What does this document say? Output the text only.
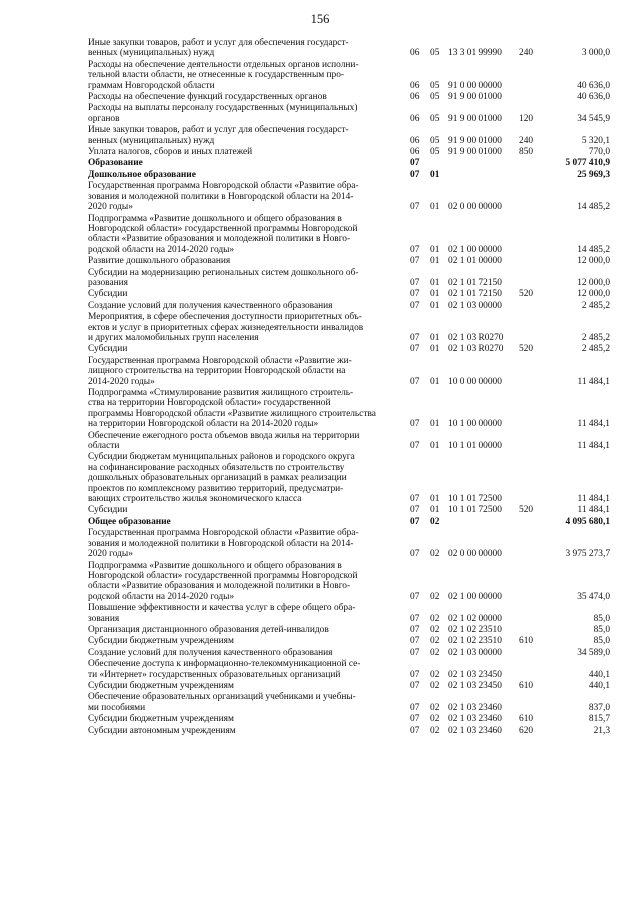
156
Иные закупки товаров, работ и услуг для обеспечения государст-
венных (муниципальных) нужд	06 05 13 3 01 99990 240	3 000,0
Расходы на обеспечение деятельности отдельных органов исполни-
тельной власти области, не отнесенные к государственным про-
граммам Новгородской области	06 05 91 0 00 00000	40 636,0
Расходы на обеспечение функций государственных органов	06 05 91 9 00 01000	40 636,0
Расходы на выплаты персоналу государственных (муниципальных)
органов	06 05 91 9 00 01000 120	34 545,9
Иные закупки товаров, работ и услуг для обеспечения государст-
венных (муниципальных) нужд	06 05 91 9 00 01000 240	5 320,1
Уплата налогов, сборов и иных платежей	06 05 91 9 00 01000 850	770,0
Образование	07	5 077 410,9
Дошкольное образование	07 01	25 969,3
Государственная программа Новгородской области «Развитие обра-
зования и молодежной политики в Новгородской области на 2014-
2020 годы»	07 01 02 0 00 00000	14 485,2
Подпрограмма «Развитие дошкольного и общего образования в
Новгородской области» государственной программы Новгородской
области «Развитие образования и молодежной политики в Новго-
родской области на 2014-2020 годы»	07 01 02 1 00 00000	14 485,2
Развитие дошкольного образования	07 01 02 1 01 00000	12 000,0
Субсидии на модернизацию региональных систем дошкольного об-
разования	07 01 02 1 01 72150	12 000,0
Субсидии	07 01 02 1 01 72150 520	12 000,0
Создание условий для получения качественного образования	07 01 02 1 03 00000	2 485,2
Мероприятия, в сфере обеспечения доступности приоритетных объ-
ектов и услуг в приоритетных сферах жизнедеятельности инвалидов
и других маломобильных групп населения	07 01 02 1 03 R0270	2 485,2
Субсидии	07 01 02 1 03 R0270 520	2 485,2
Государственная программа Новгородской области «Развитие жи-
лищного строительства на территории Новгородской области на
2014-2020 годы»	07 01 10 0 00 00000	11 484,1
Подпрограмма «Стимулирование развития жилищного строитель-
ства на территории Новгородской области» государственной
программы Новгородской области «Развитие жилищного строительства
на территории Новгородской области на 2014-2020 годы»	07 01 10 1 00 00000	11 484,1
Обеспечение ежегодного роста объемов ввода жилья на территории
области	07 01 10 1 01 00000	11 484,1
Субсидии бюджетам муниципальных районов и городского округа
на софинансирование расходных обязательств по строительству
дошкольных образовательных организаций в рамках реализации
проектов по комплексному развитию территорий, предусматри-
вающих строительство жилья экономического класса	07 01 10 1 01 72500	11 484,1
Субсидии	07 01 10 1 01 72500 520	11 484,1
Общее образование	07 02	4 095 680,1
Государственная программа Новгородской области «Развитие обра-
зования и молодежной политики в Новгородской области на 2014-
2020 годы»	07 02 02 0 00 00000	3 975 273,7
Подпрограмма «Развитие дошкольного и общего образования в
Новгородской области» государственной программы Новгородской
области «Развитие образования и молодежной политики в Новго-
родской области на 2014-2020 годы»	07 02 02 1 00 00000	35 474,0
Повышение эффективности и качества услуг в сфере общего обра-
зования	07 02 02 1 02 00000	85,0
Организация дистанционного образования детей-инвалидов	07 02 02 1 02 23510	85,0
Субсидии бюджетным учреждениям	07 02 02 1 02 23510 610	85,0
Создание условий для получения качественного образования	07 02 02 1 03 00000	34 589,0
Обеспечение доступа к информационно-телекоммуникационной се-
ти «Интернет» государственных образовательных организаций	07 02 02 1 03 23450	440,1
Субсидии бюджетным учреждениям	07 02 02 1 03 23450 610	440,1
Обеспечение образовательных организаций учебниками и учебны-
ми пособиями	07 02 02 1 03 23460	837,0
Субсидии бюджетным учреждениям	07 02 02 1 03 23460 610	815,7
Субсидии автономным учреждениям	07 02 02 1 03 23460 620	21,3
